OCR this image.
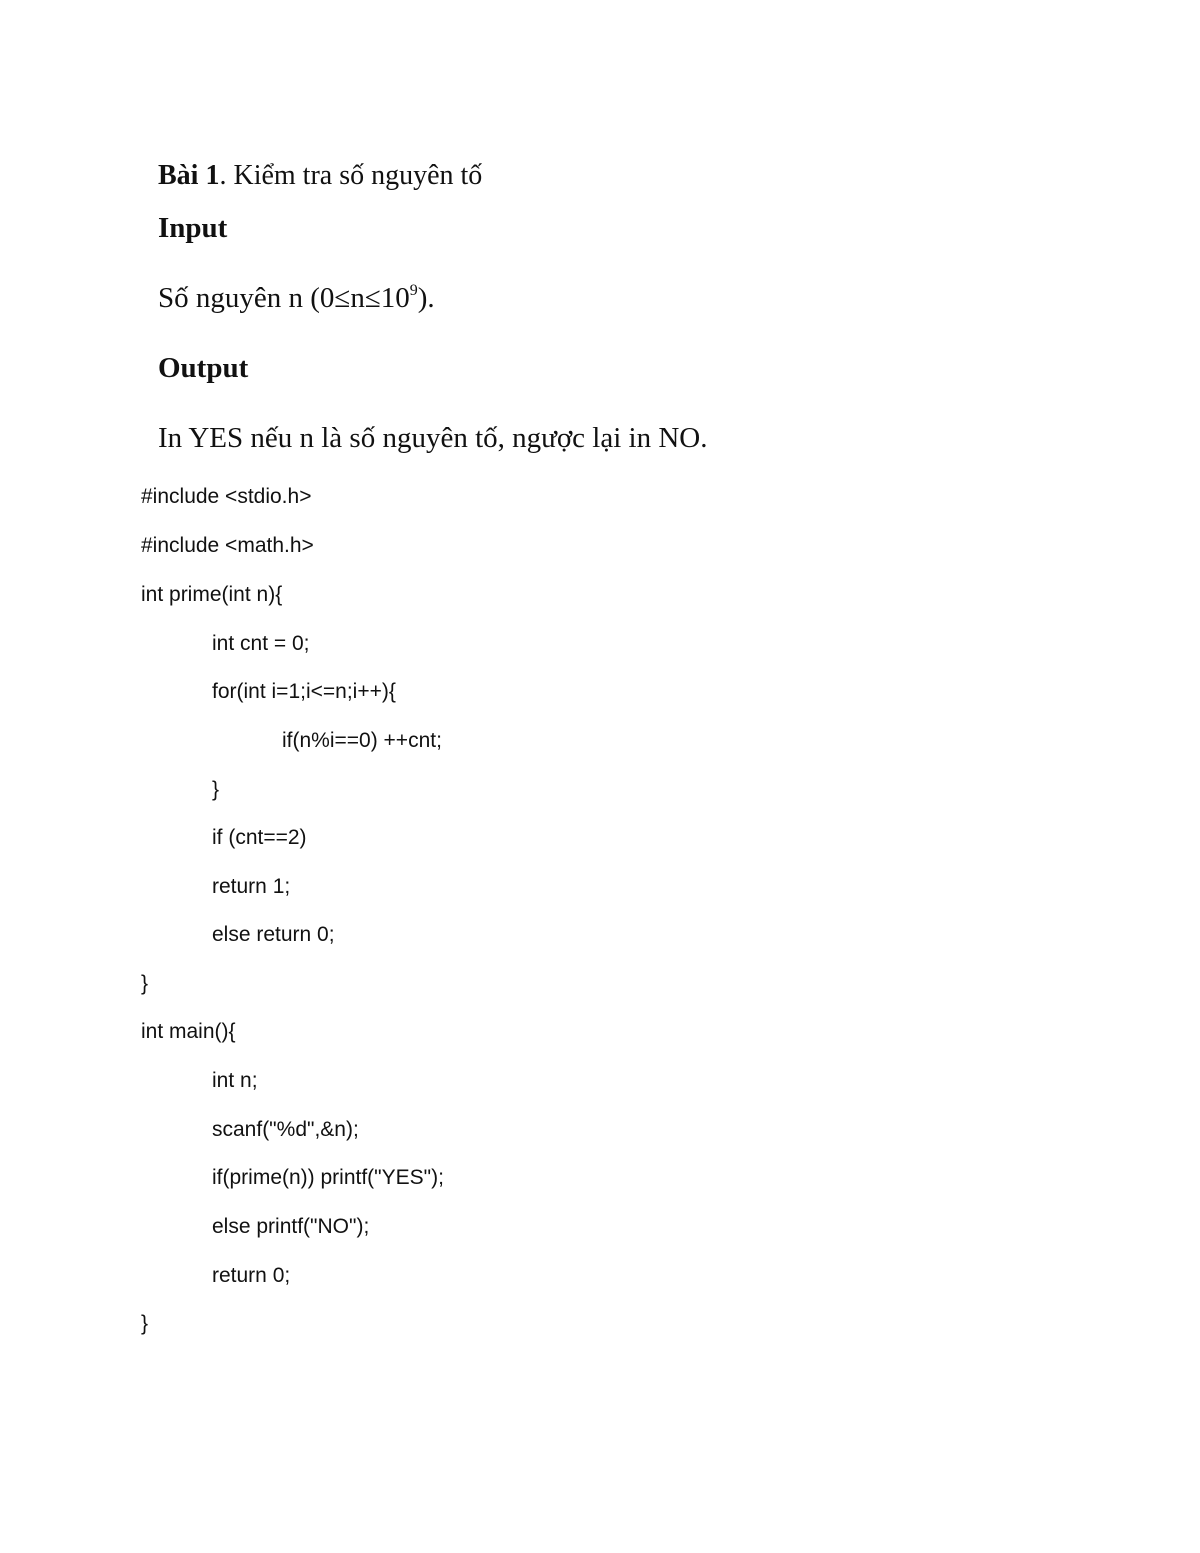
Bài 1. Kiểm tra số nguyên tố
Input
Số nguyên n $(0\le n\le 10^9)$.
Output
In YES nếu n là số nguyên tố, ngược lại in NO.
#include <stdio.h>
#include <math.h>
int prime(int n){
int cnt = 0;
for(int i=1;i<=n;i++){
if(n%i==0) ++cnt;
}
if (cnt==2)
return 1;
else return 0;
}
int main(){
int n;
scanf("%d",&n);
if(prime(n)) printf("YES");
else printf("NO");
return 0;
}
